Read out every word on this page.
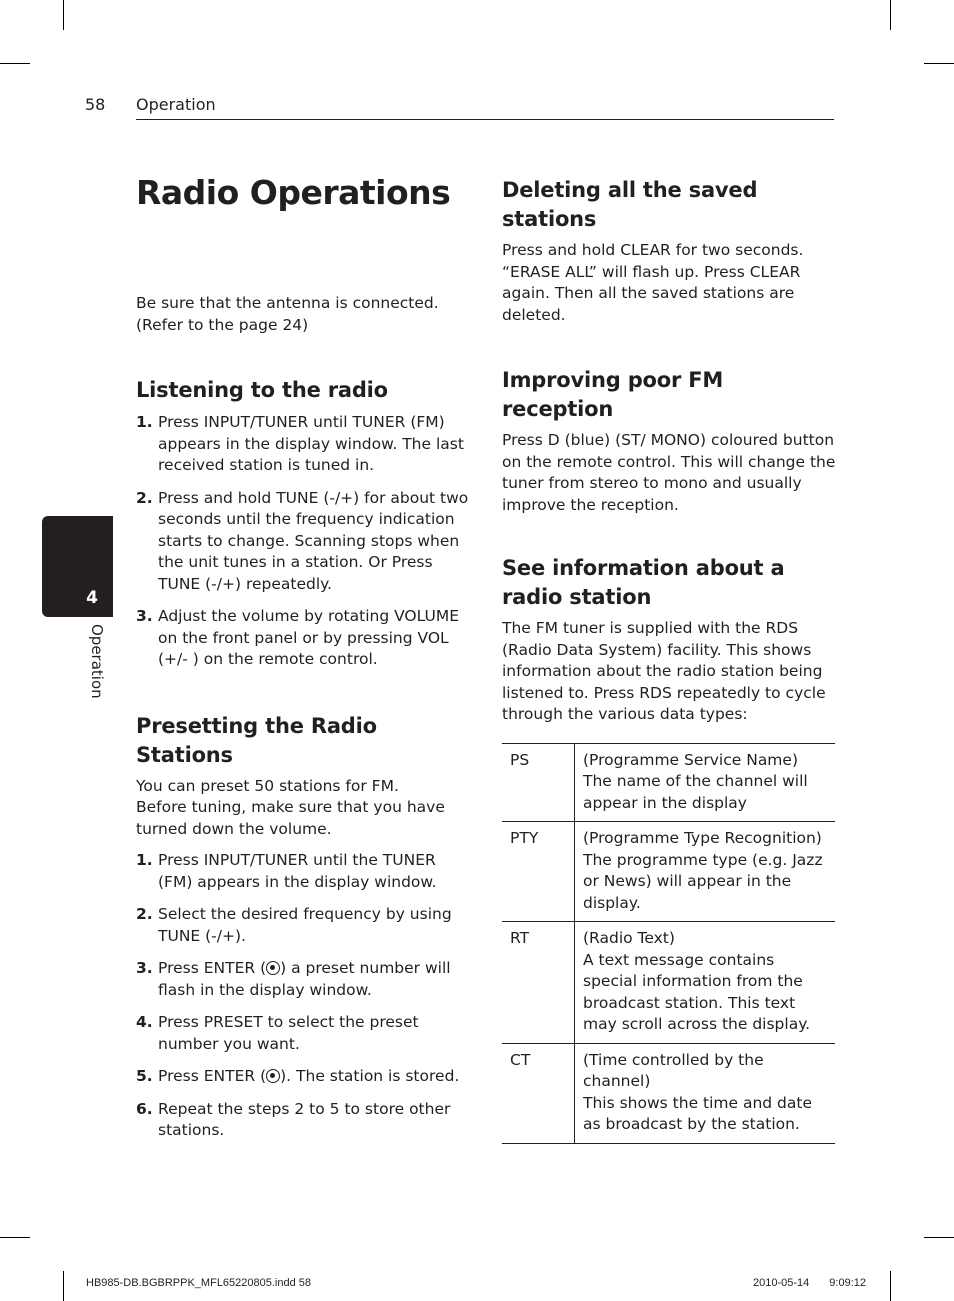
58 Operation
4
Operation
Radio Operations

Be sure that the antenna is connected.

(Refer to the page 24)

Listening to the radio
1. Press INPUT/TUNER until TUNER (FM) appears in the display window. The last received station is tuned in.
2. Press and hold TUNE (-/+) for about two seconds until the frequency indication starts to change. Scanning stops when the unit tunes in a station. Or Press TUNE (-/+) repeatedly.
3. Adjust the volume by rotating VOLUME on the front panel or by pressing VOL (+/- ) on the remote control.
Presetting the Radio Stations

You can preset 50 stations for FM.

Before tuning, make sure that you have turned down the volume.

1. Press INPUT/TUNER until the TUNER (FM) appears in the display window.
2. Select the desired frequency by using TUNE (-/+).
3. Press ENTER ( ) a preset number will flash in the display window.
4. Press PRESET to select the preset number you want.
5. Press ENTER ( ). The station is stored.
6. Repeat the steps 2 to 5 to store other stations.
Deleting all the saved stations

Press and hold CLEAR for two seconds.

“ERASE ALL” will flash up. Press CLEAR again. Then all the saved stations are deleted.

Improving poor FM reception

Press D (blue) (ST/ MONO) coloured button on the remote control. This will change the tuner from stereo to mono and usually improve the reception.

See information about a radio station

The FM tuner is supplied with the RDS (Radio Data System) facility. This shows information about the radio station being listened to. Press RDS repeatedly to cycle through the various data types:

PS	(Programme Service Name)
The name of the channel will appear in the display

PTY	(Programme Type Recognition)
The programme type (e.g. Jazz or News) will appear in the display.

RT	(Radio Text)
A text message contains special information from the broadcast station. This text may scroll across the display.

CT	(Time controlled by the channel)
This shows the time and date as broadcast by the station.
HB985-DB.BGBRPPK_MFL65220805.indd 58	2010-05-14 9:09:12
